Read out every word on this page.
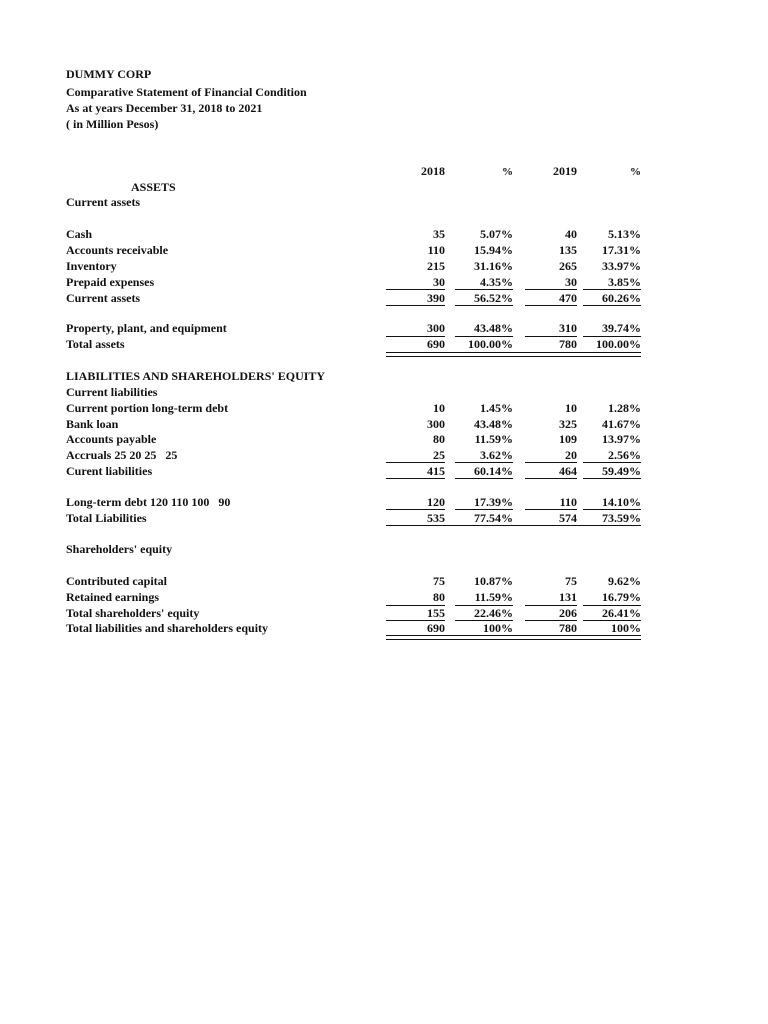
DUMMY CORP
Comparative Statement of Financial Condition
As at years December 31, 2018 to 2021
( in Million Pesos)
2018	%	2019	%
ASSETS
Current assets
Cash	35	5.07%	40	5.13%
Accounts receivable	110	15.94%	135	17.31%
Inventory	215	31.16%	265	33.97%
Prepaid expenses	30	4.35%	30	3.85%
Current assets	390	56.52%	470	60.26%
Property, plant, and equipment	300	43.48%	310	39.74%
Total assets	690	100.00%	780	100.00%
LIABILITIES AND SHAREHOLDERS' EQUITY
Current liabilities
Current portion long-term debt	10	1.45%	10	1.28%
Bank loan	300	43.48%	325	41.67%
Accounts payable	80	11.59%	109	13.97%
Accruals 25 20 25   25	25	3.62%	20	2.56%
Curent liabilities	415	60.14%	464	59.49%
Long-term debt 120 110 100   90	120	17.39%	110	14.10%
Total Liabilities	535	77.54%	574	73.59%
Shareholders' equity
Contributed capital	75	10.87%	75	9.62%
Retained earnings	80	11.59%	131	16.79%
Total shareholders' equity	155	22.46%	206	26.41%
Total liabilities and shareholders equity	690	100%	780	100%
